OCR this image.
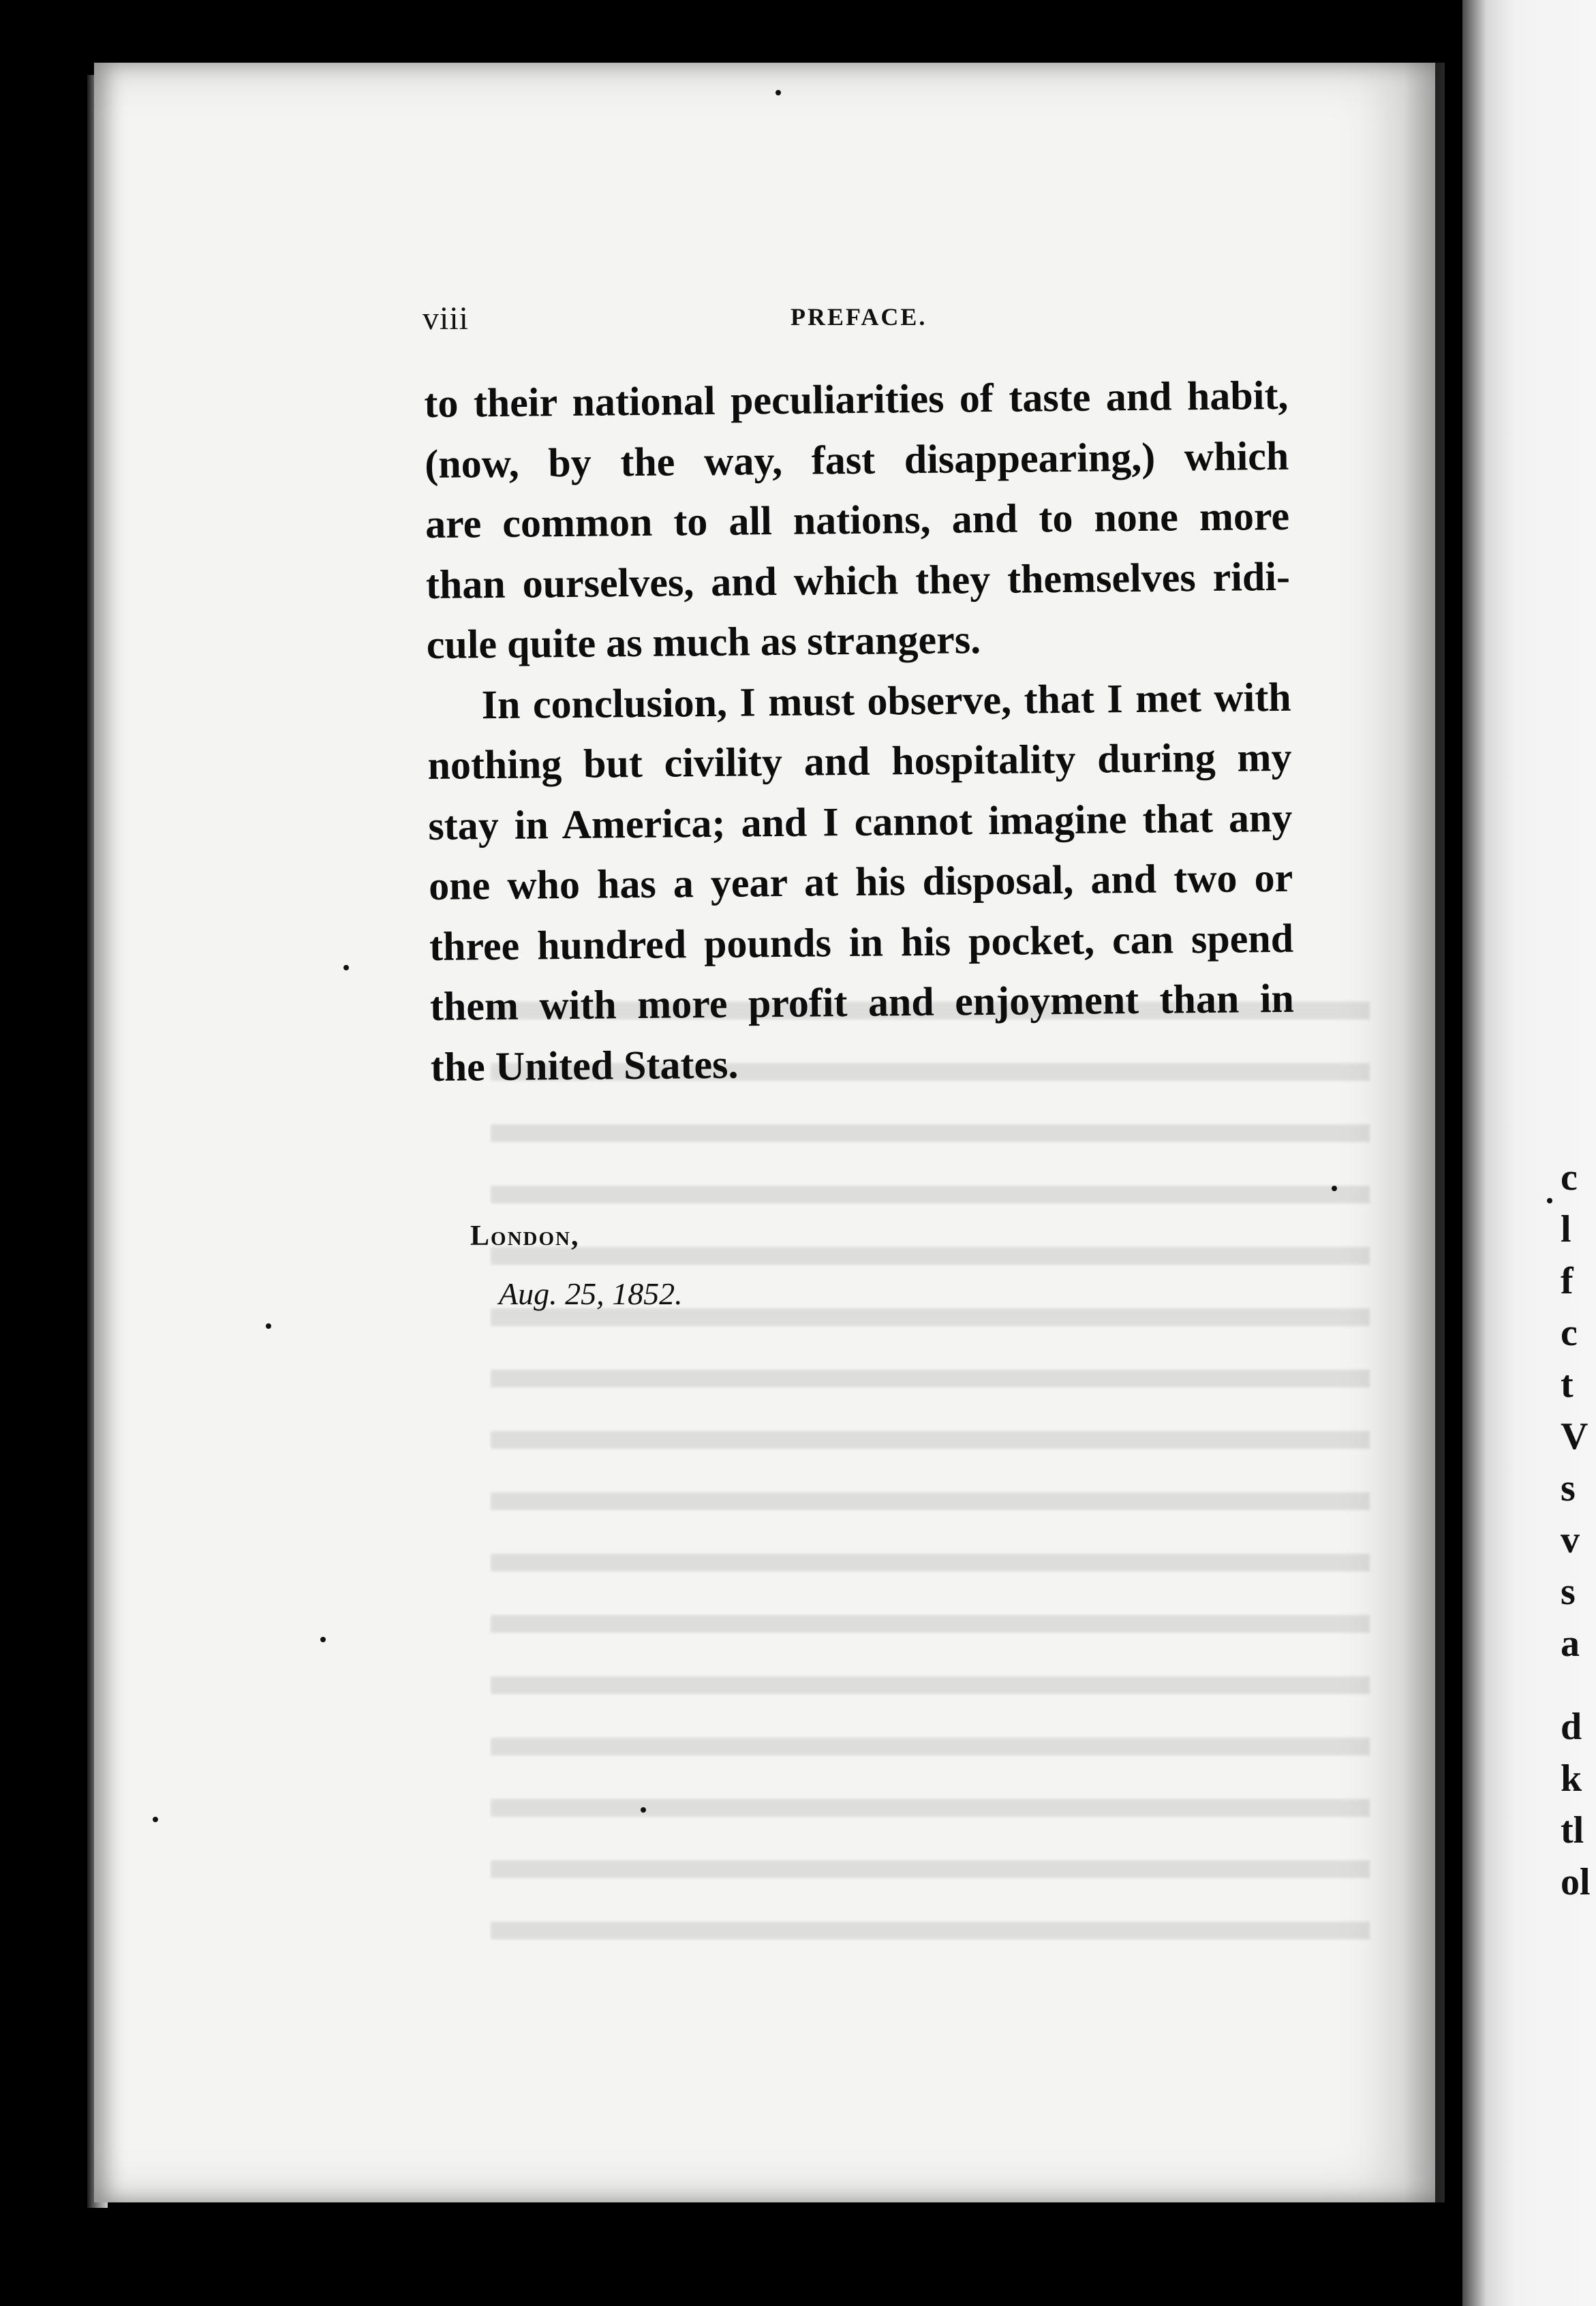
viii	PREFACE.
to their national peculiarities of taste and habit,
(now, by the way, fast disappearing,) which
are common to all nations, and to none more
than ourselves, and which they themselves ridi-
cule quite as much as strangers.
In conclusion, I must observe, that I met with
nothing but civility and hospitality during my
stay in America; and I cannot imagine that any
one who has a year at his disposal, and two or
three hundred pounds in his pocket, can spend
them with more profit and enjoyment than in
the United States.
London,
Aug. 25, 1852.
c
l
f
c
t
V
s
v
s
a
d
k
tl
ol
